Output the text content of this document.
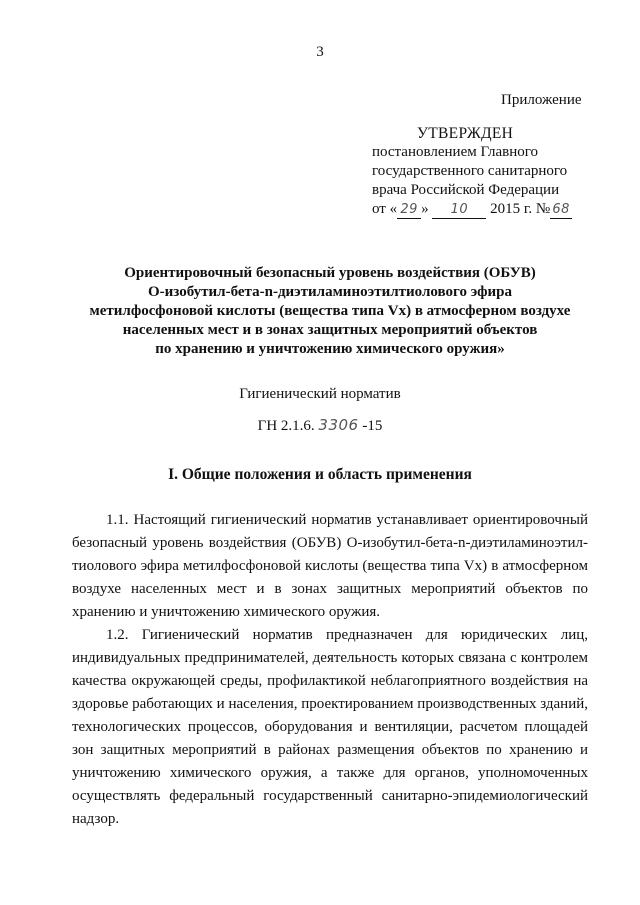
3
Приложение
УТВЕРЖДЕН
постановлением Главного
государственного санитарного
врача Российской Федерации
от « 29 » 10 2015 г. № 68
Ориентировочный безопасный уровень воздействия (ОБУВ)
О-изобутил-бета-n-диэтиламиноэтилтиолового эфира
метилфосфоновой кислоты (вещества типа Vx) в атмосферном воздухе
населенных мест и в зонах защитных мероприятий объектов
по хранению и уничтожению химического оружия»
Гигиенический норматив
ГН 2.1.6. 3306 -15
I. Общие положения и область применения

1.1. Настоящий гигиенический норматив устанавливает ориентировочный безопасный уровень воздействия (ОБУВ) О-изобутил-бета-n-диэтиламиноэтил-тиолового эфира метилфосфоновой кислоты (вещества типа Vx) в атмосферном воздухе населенных мест и в зонах защитных мероприятий объектов по хранению и уничтожению химического оружия.

1.2. Гигиенический норматив предназначен для юридических лиц, индивидуальных предпринимателей, деятельность которых связана с контролем качества окружающей среды, профилактикой неблагоприятного воздействия на здоровье работающих и населения, проектированием производственных зданий, технологических процессов, оборудования и вентиляции, расчетом площадей зон защитных мероприятий в районах размещения объектов по хранению и уничтожению химического оружия, а также для органов, уполномоченных осуществлять федеральный государственный санитарно-эпидемиологический надзор.
